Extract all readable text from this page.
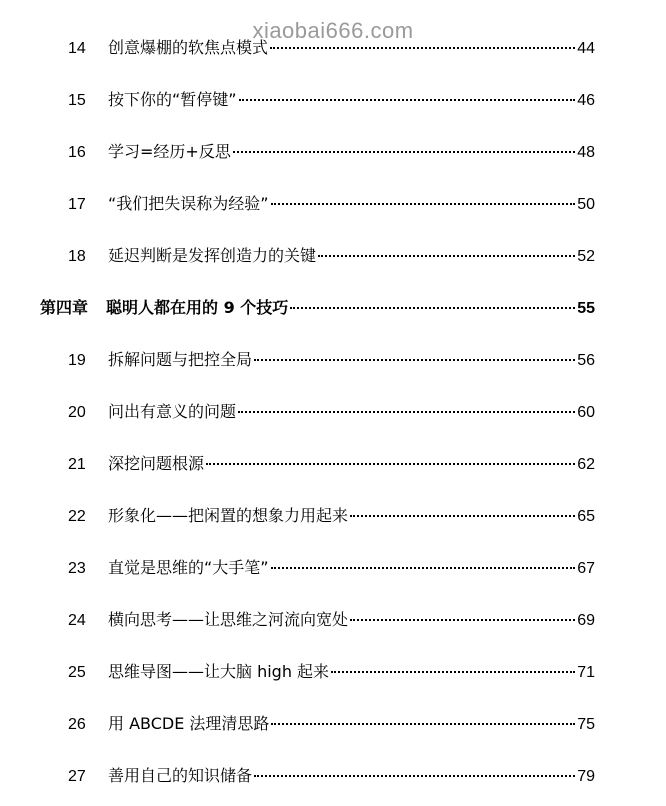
xiaobai666.com
14	创意爆棚的软焦点模式	44
15	按下你的“暂停键”	46
16	学习=经历+反思	48
17	“我们把失误称为经验”	50
18	延迟判断是发挥创造力的关键	52
第四章 聪明人都在用的 9 个技巧	55
19	拆解问题与把控全局	56
20	问出有意义的问题	60
21	深挖问题根源	62
22	形象化——把闲置的想象力用起来	65
23	直觉是思维的“大手笔”	67
24	横向思考——让思维之河流向宽处	69
25	思维导图——让大脑 high 起来	71
26	用 ABCDE 法理清思路	75
27	善用自己的知识储备	79
